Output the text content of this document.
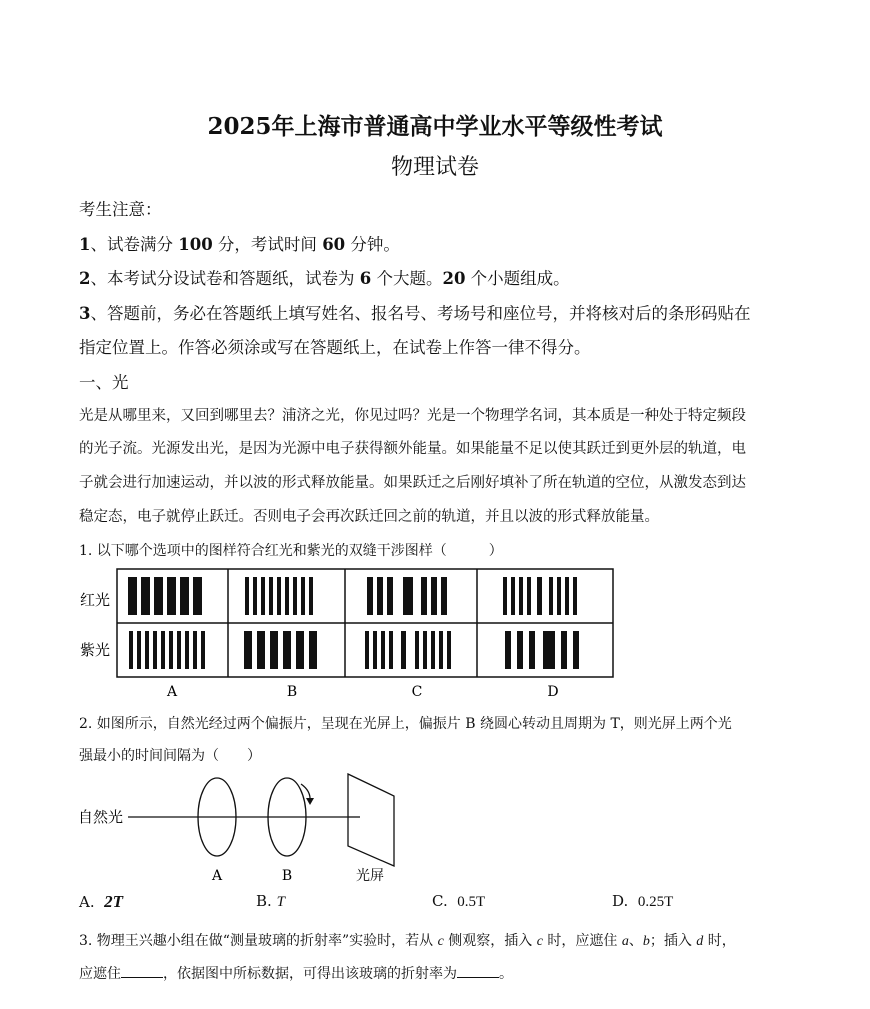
2025年上海市普通高中学业水平等级性考试
物理试卷
考生注意：
1、试卷满分 100 分，考试时间 60 分钟。
2、本考试分设试卷和答题纸，试卷为 6 个大题。20 个小题组成。
3、答题前，务必在答题纸上填写姓名、报名号、考场号和座位号，并将核对后的条形码贴在
指定位置上。作答必须涂或写在答题纸上，在试卷上作答一律不得分。
一、光
光是从哪里来，又回到哪里去？浦济之光，你见过吗？光是一个物理学名词，其本质是一种处于特定频段
的光子流。光源发出光，是因为光源中电子获得额外能量。如果能量不足以使其跃迁到更外层的轨道，电
子就会进行加速运动，并以波的形式释放能量。如果跃迁之后刚好填补了所在轨道的空位，从激发态到达
稳定态，电子就停止跃迁。否则电子会再次跃迁回之前的轨道，并且以波的形式释放能量。
1. 以下哪个选项中的图样符合红光和紫光的双缝干涉图样（　　　）
红光
紫光
A	B	C	D
2. 如图所示，自然光经过两个偏振片，呈现在光屏上，偏振片 B 绕圆心转动且周期为 T，则光屏上两个光
强最小的时间间隔为（　　）
自然光
A	B	光屏
A. 2T	B. T	C. 0.5T	D. 0.25T
3. 物理王兴趣小组在做“测量玻璃的折射率”实验时，若从 c 侧观察，插入 c 时，应遮住 a、b；插入 d 时，
应遮住	，依据图中所标数据，可得出该玻璃的折射率为	。
